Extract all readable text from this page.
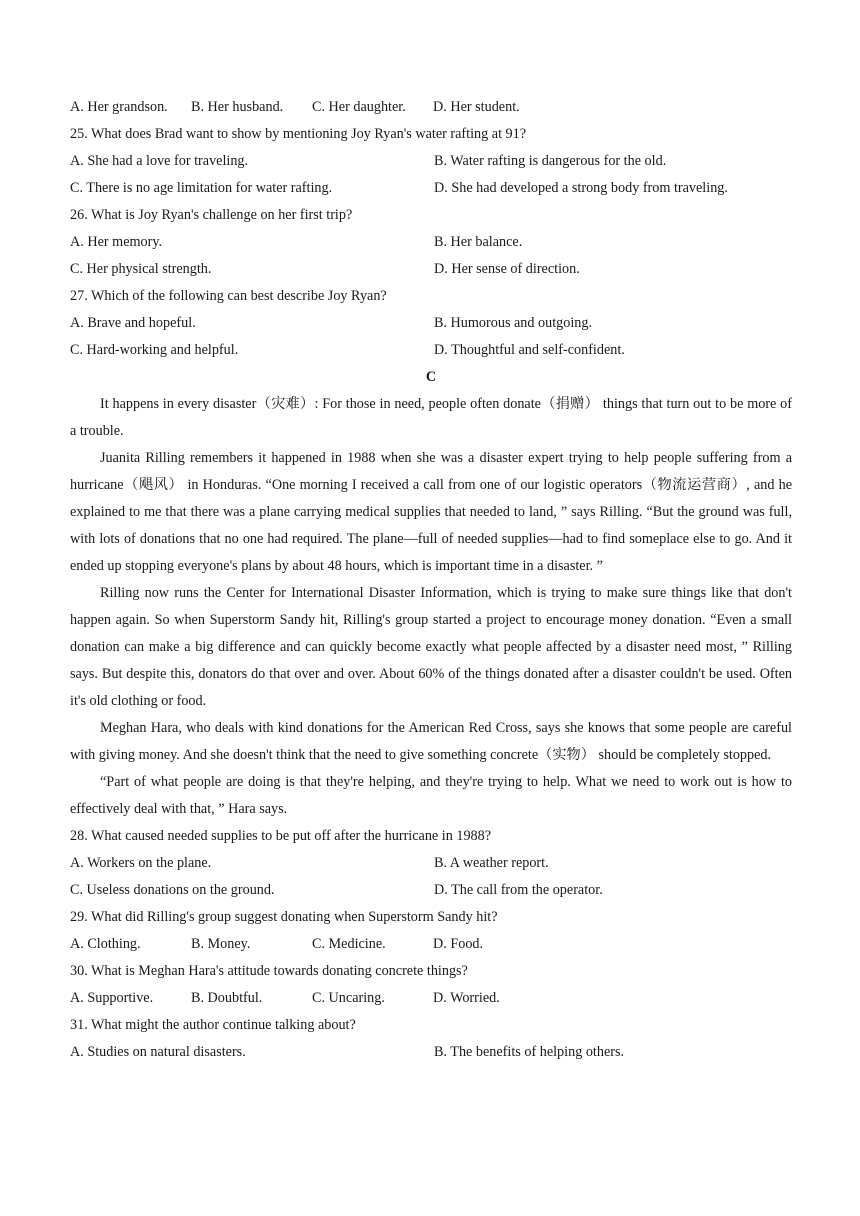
A. Her grandson.	B. Her husband.	C. Her daughter.	D. Her student.
25. What does Brad want to show by mentioning Joy Ryan's water rafting at 91?
A. She had a love for traveling.	B. Water rafting is dangerous for the old.
C. There is no age limitation for water rafting.	D. She had developed a strong body from traveling.
26. What is Joy Ryan's challenge on her first trip?
A. Her memory.	B. Her balance.
C. Her physical strength.	D. Her sense of direction.
27. Which of the following can best describe Joy Ryan?
A. Brave and hopeful.	B. Humorous and outgoing.
C. Hard-working and helpful.	D. Thoughtful and self-confident.
C
It happens in every disaster（灾难）: For those in need, people often donate（捐赠） things that turn out to be more of a trouble.
Juanita Rilling remembers it happened in 1988 when she was a disaster expert trying to help people suffering from a hurricane（飓风） in Honduras. “One morning I received a call from one of our logistic operators（物流运营商）, and he explained to me that there was a plane carrying medical supplies that needed to land, ” says Rilling. “But the ground was full, with lots of donations that no one had required. The plane—full of needed supplies—had to find someplace else to go. And it ended up stopping everyone's plans by about 48 hours, which is important time in a disaster. ”
Rilling now runs the Center for International Disaster Information, which is trying to make sure things like that don't happen again. So when Superstorm Sandy hit, Rilling's group started a project to encourage money donation. “Even a small donation can make a big difference and can quickly become exactly what people affected by a disaster need most, ” Rilling says. But despite this, donators do that over and over. About 60% of the things donated after a disaster couldn't be used. Often it's old clothing or food.
Meghan Hara, who deals with kind donations for the American Red Cross, says she knows that some people are careful with giving money. And she doesn't think that the need to give something concrete（实物） should be completely stopped.
“Part of what people are doing is that they're helping, and they're trying to help. What we need to work out is how to effectively deal with that, ” Hara says.
28. What caused needed supplies to be put off after the hurricane in 1988?
A. Workers on the plane.	B. A weather report.
C. Useless donations on the ground.	D. The call from the operator.
29. What did Rilling's group suggest donating when Superstorm Sandy hit?
A. Clothing.	B. Money.	C. Medicine.	D. Food.
30. What is Meghan Hara's attitude towards donating concrete things?
A. Supportive.	B. Doubtful.	C. Uncaring.	D. Worried.
31. What might the author continue talking about?
A. Studies on natural disasters.	B. The benefits of helping others.
